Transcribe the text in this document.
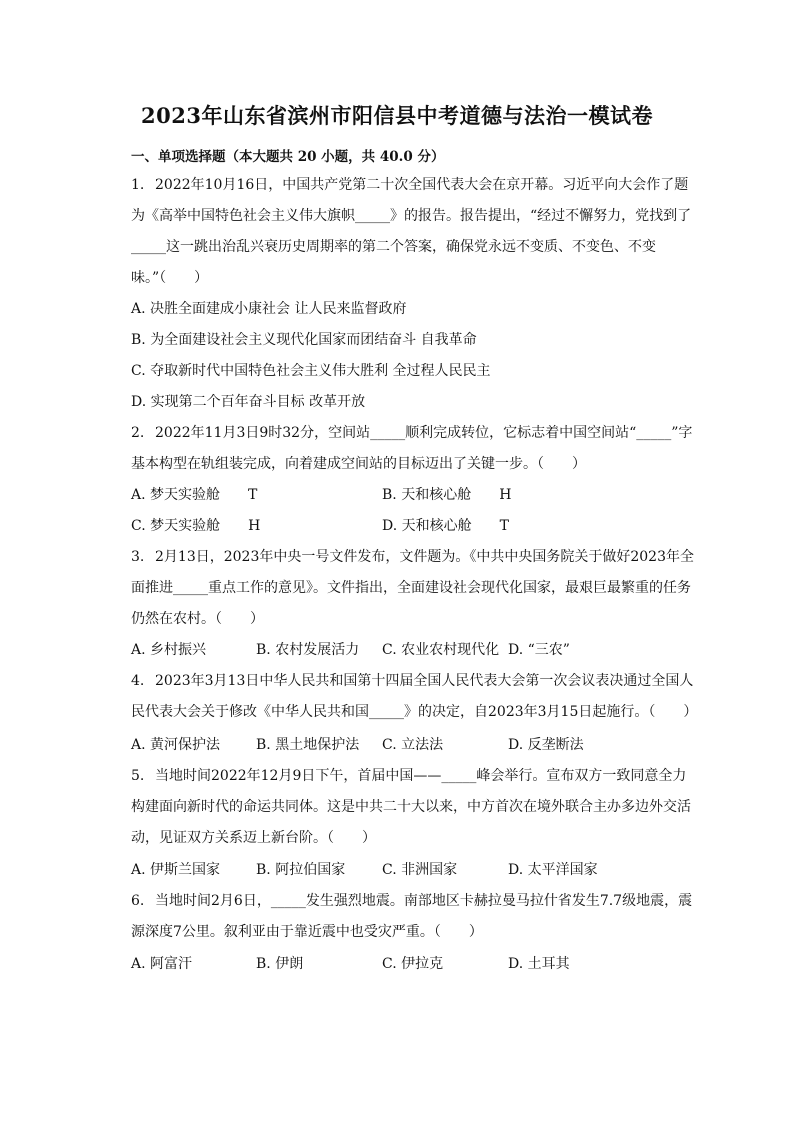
2023年山东省滨州市阳信县中考道德与法治一模试卷
一、单项选择题（本大题共 20 小题，共 40.0 分）
1. 2022年10月16日，中国共产党第二十次全国代表大会在京开幕。习近平向大会作了题为《高举中国特色社会主义伟大旗帜_____》的报告。报告提出，“经过不懈努力，党找到了_____这一跳出治乱兴衰历史周期率的第二个答案，确保党永远不变质、不变色、不变味。”（　　）
A. 决胜全面建成小康社会 让人民来监督政府
B. 为全面建设社会主义现代化国家而团结奋斗 自我革命
C. 夺取新时代中国特色社会主义伟大胜利 全过程人民民主
D. 实现第二个百年奋斗目标 改革开放
2. 2022年11月3日9时32分，空间站_____顺利完成转位，它标志着中国空间站“_____”字基本构型在轨组装完成，向着建成空间站的目标迈出了关键一步。（　　）
A. 梦天实验舱　　T	B. 天和核心舱　　H
C. 梦天实验舱　　H	D. 天和核心舱　　T
3. 2月13日，2023年中央一号文件发布，文件题为。《中共中央国务院关于做好2023年全面推进_____重点工作的意见》。文件指出，全面建设社会现代化国家，最艰巨最繁重的任务仍然在农村。（　　）
A. 乡村振兴	B. 农村发展活力 C. 农业农村现代化 D. “三农”
4. 2023年3月13日中华人民共和国第十四届全国人民代表大会第一次会议表决通过全国人民代表大会关于修改《中华人民共和国_____》的决定，自2023年3月15日起施行。（　　）
A. 黄河保护法	B. 黑土地保护法 C. 立法法	D. 反垄断法
5. 当地时间2022年12月9日下午，首届中国——_____峰会举行。宣布双方一致同意全力构建面向新时代的命运共同体。这是中共二十大以来，中方首次在境外联合主办多边外交活动，见证双方关系迈上新台阶。（　　）
A. 伊斯兰国家	B. 阿拉伯国家	C. 非洲国家	D. 太平洋国家
6. 当地时间2月6日，_____发生强烈地震。南部地区卡赫拉曼马拉什省发生7.7级地震，震源深度7公里。叙利亚由于靠近震中也受灾严重。（　　）
A. 阿富汗	B. 伊朗	C. 伊拉克	D. 土耳其
